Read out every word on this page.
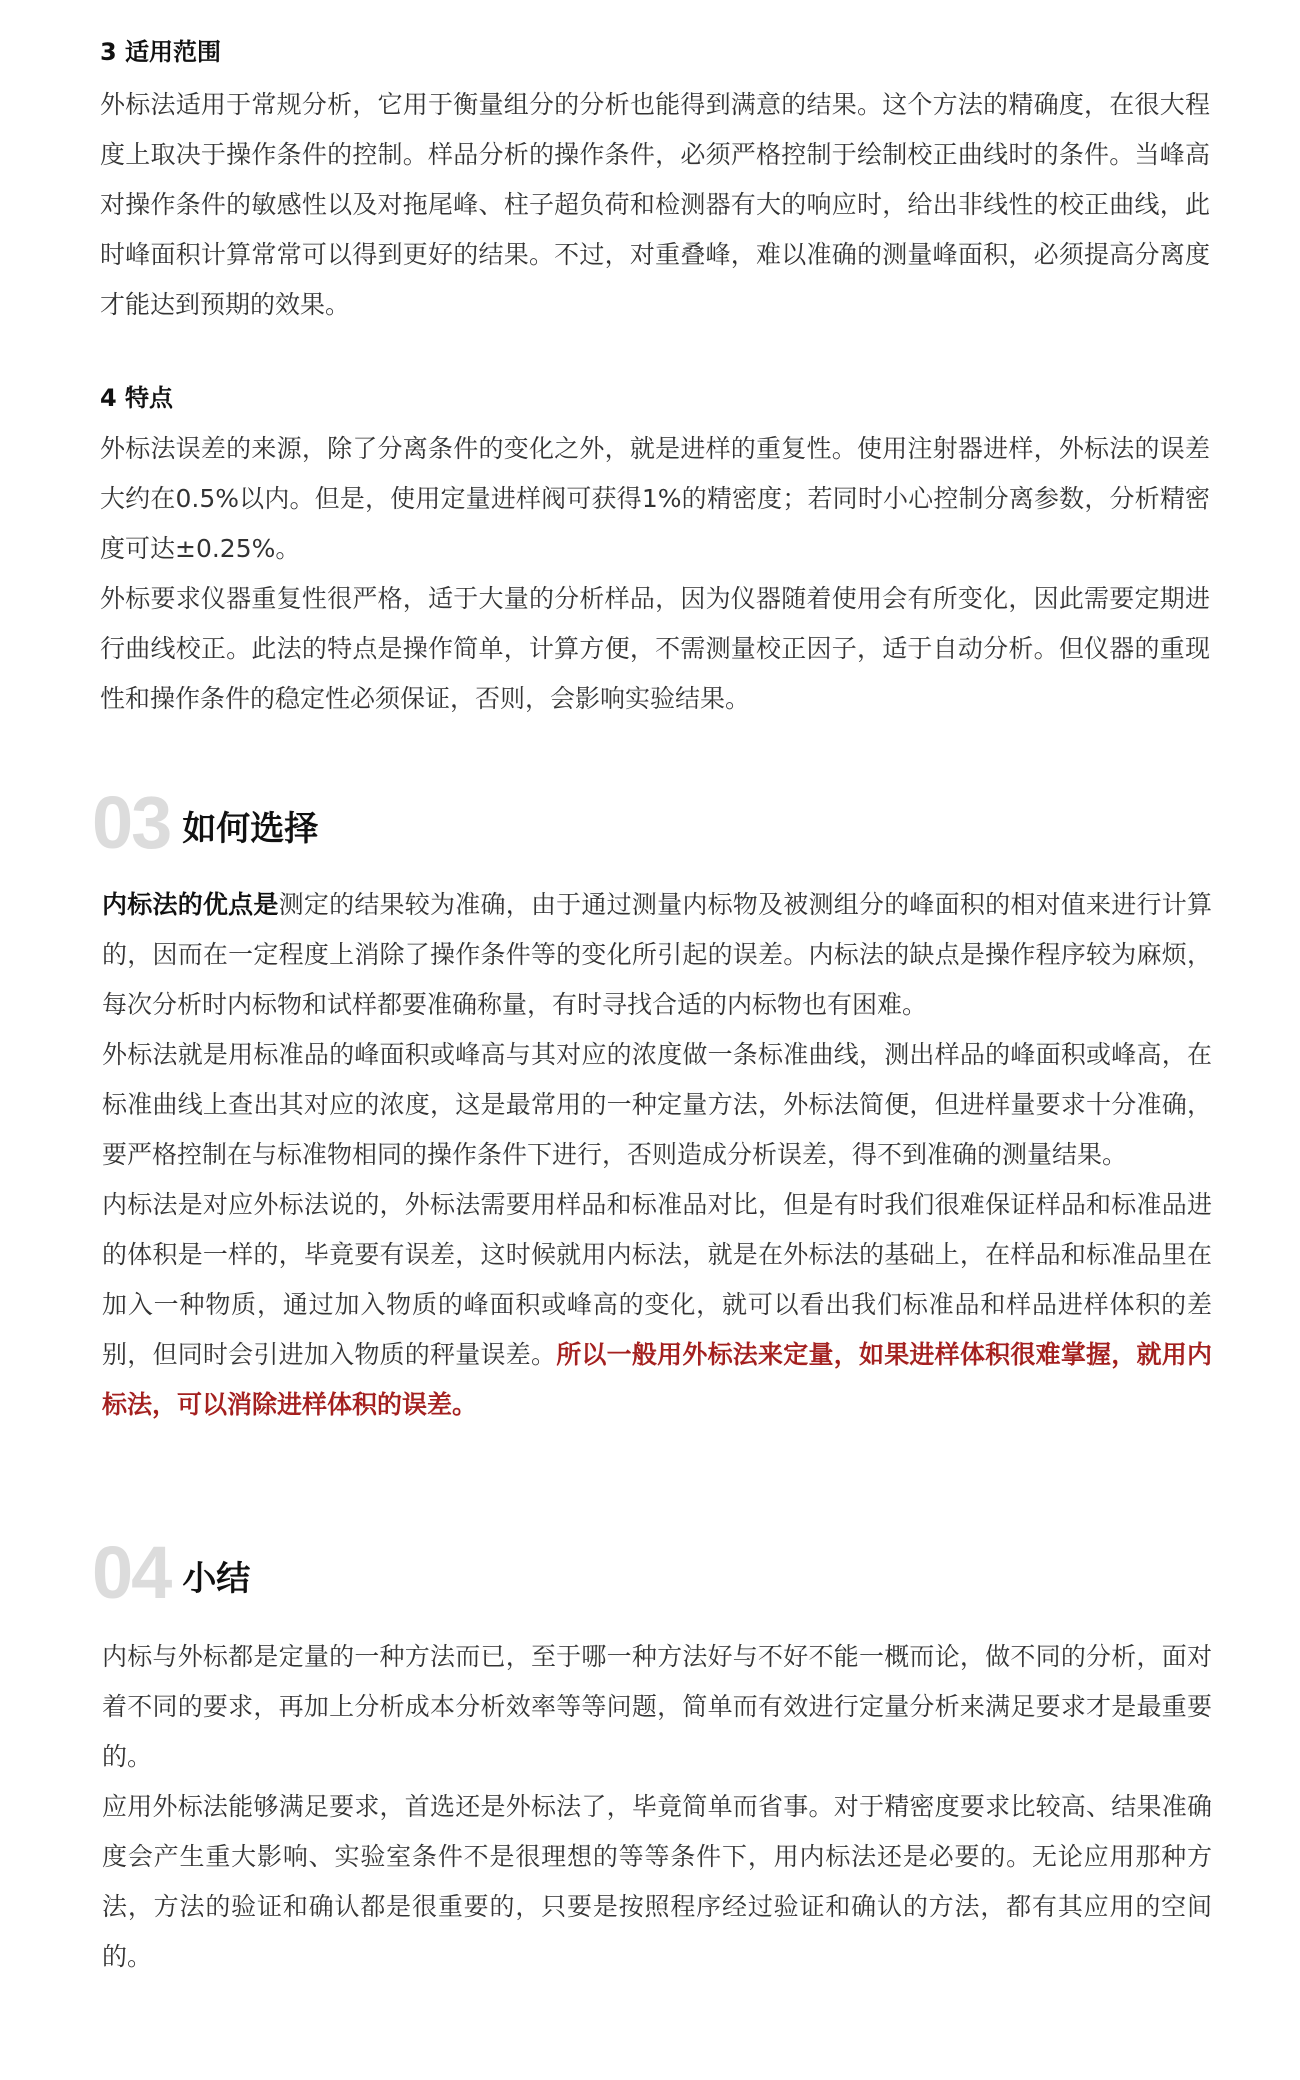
3 适用范围

外标法适用于常规分析，它用于衡量组分的分析也能得到满意的结果。这个方法的精确度，在很大程度上取决于操作条件的控制。样品分析的操作条件，必须严格控制于绘制校正曲线时的条件。当峰高对操作条件的敏感性以及对拖尾峰、柱子超负荷和检测器有大的响应时，给出非线性的校正曲线，此时峰面积计算常常可以得到更好的结果。不过，对重叠峰，难以准确的测量峰面积，必须提高分离度才能达到预期的效果。

4 特点

外标法误差的来源，除了分离条件的变化之外，就是进样的重复性。使用注射器进样，外标法的误差大约在0.5%以内。但是，使用定量进样阀可获得1%的精密度；若同时小心控制分离参数，分析精密度可达±0.25%。

外标要求仪器重复性很严格，适于大量的分析样品，因为仪器随着使用会有所变化，因此需要定期进行曲线校正。此法的特点是操作简单，计算方便，不需测量校正因子，适于自动分析。但仪器的重现性和操作条件的稳定性必须保证，否则，会影响实验结果。

03 如何选择

内标法的优点是测定的结果较为准确，由于通过测量内标物及被测组分的峰面积的相对值来进行计算的，因而在一定程度上消除了操作条件等的变化所引起的误差。内标法的缺点是操作程序较为麻烦，每次分析时内标物和试样都要准确称量，有时寻找合适的内标物也有困难。

外标法就是用标准品的峰面积或峰高与其对应的浓度做一条标准曲线，测出样品的峰面积或峰高，在标准曲线上查出其对应的浓度，这是最常用的一种定量方法，外标法简便，但进样量要求十分准确，要严格控制在与标准物相同的操作条件下进行，否则造成分析误差，得不到准确的测量结果。

内标法是对应外标法说的，外标法需要用样品和标准品对比，但是有时我们很难保证样品和标准品进的体积是一样的，毕竟要有误差，这时候就用内标法，就是在外标法的基础上，在样品和标准品里在加入一种物质，通过加入物质的峰面积或峰高的变化，就可以看出我们标准品和样品进样体积的差别，但同时会引进加入物质的秤量误差。所以一般用外标法来定量，如果进样体积很难掌握，就用内标法，可以消除进样体积的误差。

04 小结

内标与外标都是定量的一种方法而已，至于哪一种方法好与不好不能一概而论，做不同的分析，面对着不同的要求，再加上分析成本分析效率等等问题，简单而有效进行定量分析来满足要求才是最重要的。

应用外标法能够满足要求，首选还是外标法了，毕竟简单而省事。对于精密度要求比较高、结果准确度会产生重大影响、实验室条件不是很理想的等等条件下，用内标法还是必要的。无论应用那种方法，方法的验证和确认都是很重要的，只要是按照程序经过验证和确认的方法，都有其应用的空间的。
